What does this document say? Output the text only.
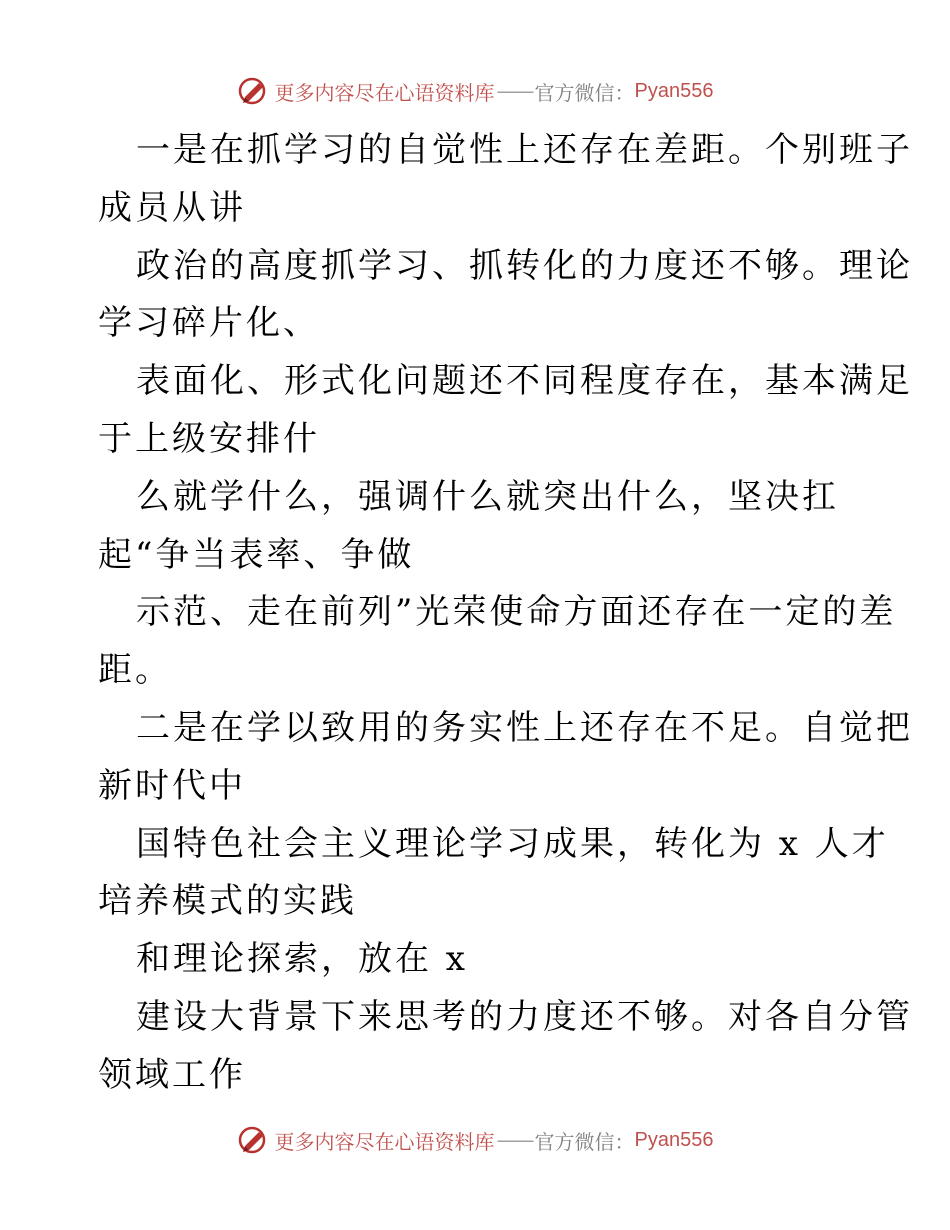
更多内容尽在心语资料库 —— 官方微信： Pyan556
一是在抓学习的自觉性上还存在差距。个别班子
成员从讲
政治的高度抓学习、抓转化的力度还不够。理论
学习碎片化、
表面化、形式化问题还不同程度存在，基本满足
于上级安排什
么就学什么，强调什么就突出什么，坚决扛
起“争当表率、争做
示范、走在前列”光荣使命方面还存在一定的差
距。
二是在学以致用的务实性上还存在不足。自觉把
新时代中
国特色社会主义理论学习成果，转化为 x 人才
培养模式的实践
和理论探索，放在 x
建设大背景下来思考的力度还不够。对各自分管
领域工作
更多内容尽在心语资料库 —— 官方微信： Pyan556
